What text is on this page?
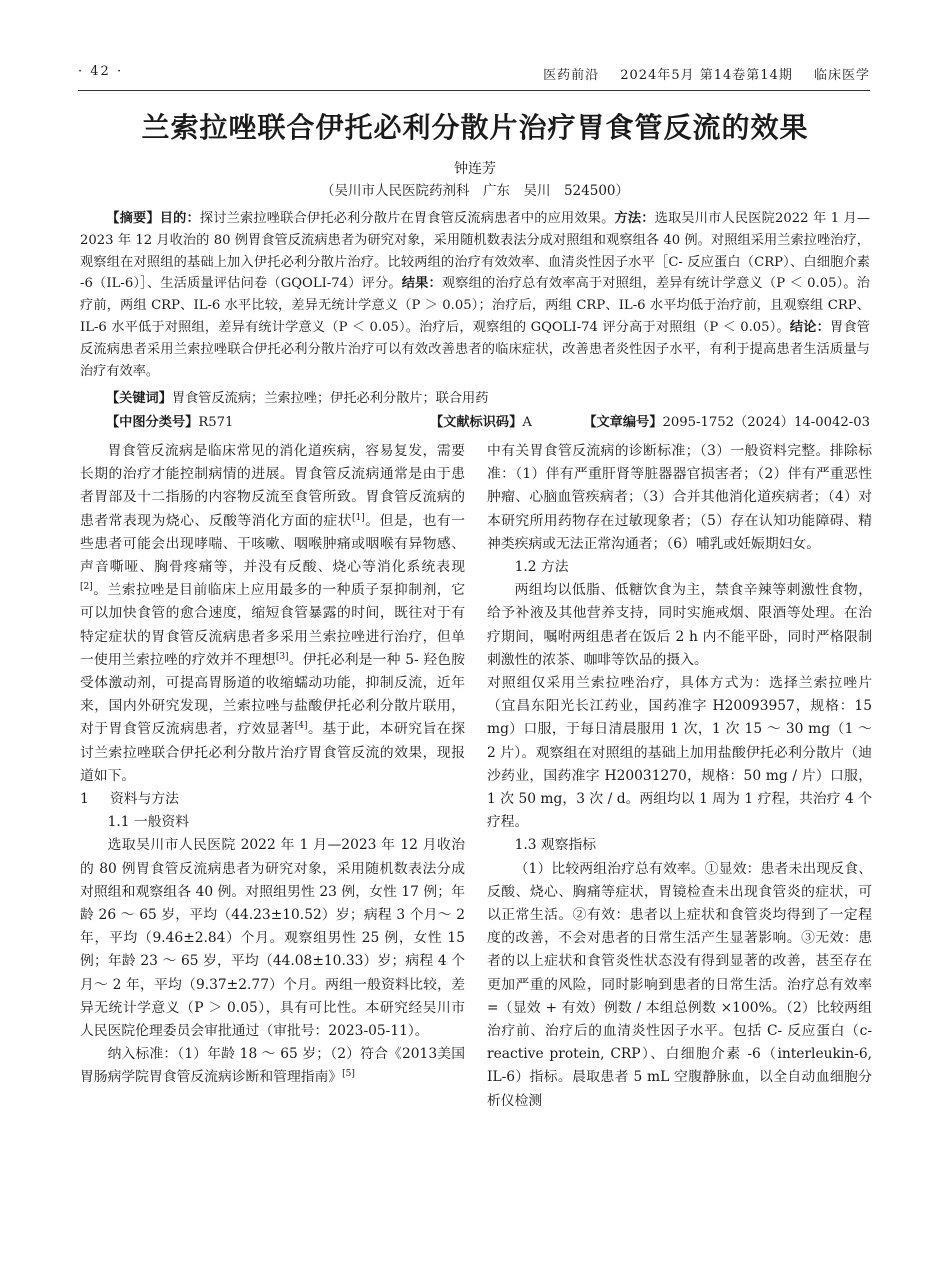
· 42 ·	医药前沿 2024年5月 第14卷第14期 临床医学
兰索拉唑联合伊托必利分散片治疗胃食管反流的效果
钟连芳
（吴川市人民医院药剂科　广东　吴川　524500）
【摘要】目的：探讨兰索拉唑联合伊托必利分散片在胃食管反流病患者中的应用效果。方法：选取吴川市人民医院2022 年 1 月—2023 年 12 月收治的 80 例胃食管反流病患者为研究对象，采用随机数表法分成对照组和观察组各 40 例。对照组采用兰索拉唑治疗，观察组在对照组的基础上加入伊托必利分散片治疗。比较两组的治疗有效效率、血清炎性因子水平［C- 反应蛋白（CRP）、白细胞介素 -6（IL-6）］、生活质量评估问卷（GQOLI-74）评分。结果：观察组的治疗总有效率高于对照组，差异有统计学意义（P ＜ 0.05）。治疗前，两组 CRP、IL-6 水平比较，差异无统计学意义（P ＞ 0.05）；治疗后，两组 CRP、IL-6 水平均低于治疗前，且观察组 CRP、IL-6 水平低于对照组，差异有统计学意义（P ＜ 0.05）。治疗后，观察组的 GQOLI-74 评分高于对照组（P ＜ 0.05）。结论：胃食管反流病患者采用兰索拉唑联合伊托必利分散片治疗可以有效改善患者的临床症状，改善患者炎性因子水平，有利于提高患者生活质量与治疗有效率。
【关键词】胃食管反流病；兰索拉唑；伊托必利分散片；联合用药
【中图分类号】R571	【文献标识码】A	【文章编号】2095-1752（2024）14-0042-03

胃食管反流病是临床常见的消化道疾病，容易复发，需要长期的治疗才能控制病情的进展。胃食管反流病通常是由于患者胃部及十二指肠的内容物反流至食管所致。胃食管反流病的患者常表现为烧心、反酸等消化方面的症状[1]。但是，也有一些患者可能会出现哮喘、干咳嗽、咽喉肿痛或咽喉有异物感、声音嘶哑、胸骨疼痛等，并没有反酸、烧心等消化系统表现[2]。兰索拉唑是目前临床上应用最多的一种质子泵抑制剂，它可以加快食管的愈合速度，缩短食管暴露的时间，既往对于有特定症状的胃食管反流病患者多采用兰索拉唑进行治疗，但单一使用兰索拉唑的疗效并不理想[3]。伊托必利是一种 5- 羟色胺受体激动剂，可提高胃肠道的收缩蠕动功能，抑制反流，近年来，国内外研究发现，兰索拉唑与盐酸伊托必利分散片联用，对于胃食管反流病患者，疗效显著[4]。基于此，本研究旨在探讨兰索拉唑联合伊托必利分散片治疗胃食管反流的效果，现报道如下。

1 资料与方法

1.1 一般资料

选取吴川市人民医院 2022 年 1 月—2023 年 12 月收治的 80 例胃食管反流病患者为研究对象，采用随机数表法分成对照组和观察组各 40 例。对照组男性 23 例，女性 17 例；年龄 26 ～ 65 岁，平均（44.23±10.52）岁；病程 3 个月～ 2 年，平均（9.46±2.84）个月。观察组男性 25 例，女性 15 例；年龄 23 ～ 65 岁，平均（44.08±10.33）岁；病程 4 个月～ 2 年，平均（9.37±2.77）个月。两组一般资料比较，差异无统计学意义（P ＞ 0.05），具有可比性。本研究经吴川市人民医院伦理委员会审批通过（审批号：2023-05-11）。

纳入标准：（1）年龄 18 ～ 65 岁；（2）符合《2013美国胃肠病学院胃食管反流病诊断和管理指南》[5]

中有关胃食管反流病的诊断标准；（3）一般资料完整。排除标准：（1）伴有严重肝肾等脏器器官损害者；（2）伴有严重恶性肿瘤、心脑血管疾病者；（3）合并其他消化道疾病者；（4）对本研究所用药物存在过敏现象者；（5）存在认知功能障碍、精神类疾病或无法正常沟通者；（6）哺乳或妊娠期妇女。

1.2 方法

两组均以低脂、低糖饮食为主，禁食辛辣等刺激性食物，给予补液及其他营养支持，同时实施戒烟、限酒等处理。在治疗期间，嘱咐两组患者在饭后 2 h 内不能平卧，同时严格限制刺激性的浓茶、咖啡等饮品的摄入。

对照组仅采用兰索拉唑治疗，具体方式为：选择兰索拉唑片（宜昌东阳光长江药业，国药准字 H20093957，规格：15 mg）口服，于每日清晨服用 1 次，1 次 15 ～ 30 mg（1 ～ 2 片）。观察组在对照组的基础上加用盐酸伊托必利分散片（迪沙药业，国药准字 H20031270，规格：50 mg / 片）口服，1 次 50 mg，3 次 / d。两组均以 1 周为 1 疗程，共治疗 4 个疗程。

1.3 观察指标

（1）比较两组治疗总有效率。①显效：患者未出现反食、反酸、烧心、胸痛等症状，胃镜检查未出现食管炎的症状，可以正常生活。②有效：患者以上症状和食管炎均得到了一定程度的改善，不会对患者的日常生活产生显著影响。③无效：患者的以上症状和食管炎性状态没有得到显著的改善，甚至存在更加严重的风险，同时影响到患者的日常生活。治疗总有效率 =（显效 + 有效）例数 / 本组总例数 ×100%。（2）比较两组治疗前、治疗后的血清炎性因子水平。包括 C- 反应蛋白（c-reactive protein, CRP）、白细胞介素 -6（interleukin-6, IL-6）指标。晨取患者 5 mL 空腹静脉血，以全自动血细胞分析仪检测
